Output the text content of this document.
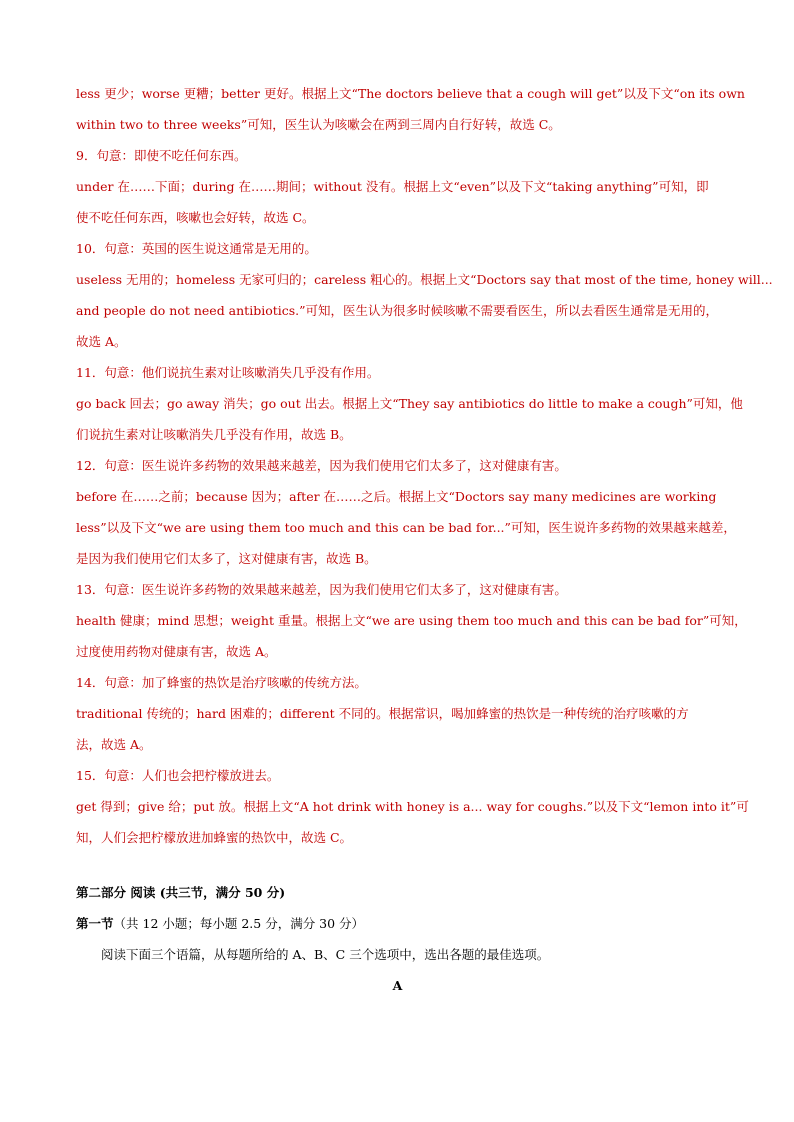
less 更少；worse 更糟；better 更好。根据上文“The doctors believe that a cough will get”以及下文“on its own
within two to three weeks”可知，医生认为咳嗽会在两到三周内自行好转，故选 C。
9．句意：即使不吃任何东西。
under 在……下面；during 在……期间；without 没有。根据上文“even”以及下文“taking anything”可知，即
使不吃任何东西，咳嗽也会好转，故选 C。
10．句意：英国的医生说这通常是无用的。
useless 无用的；homeless 无家可归的；careless 粗心的。根据上文“Doctors say that most of the time, honey will...
and people do not need antibiotics.”可知，医生认为很多时候咳嗽不需要看医生，所以去看医生通常是无用的，
故选 A。
11．句意：他们说抗生素对让咳嗽消失几乎没有作用。
go back 回去；go away 消失；go out 出去。根据上文“They say antibiotics do little to make a cough”可知，他
们说抗生素对让咳嗽消失几乎没有作用，故选 B。
12．句意：医生说许多药物的效果越来越差，因为我们使用它们太多了，这对健康有害。
before 在……之前；because 因为；after 在……之后。根据上文“Doctors say many medicines are working
less”以及下文“we are using them too much and this can be bad for...”可知，医生说许多药物的效果越来越差，
是因为我们使用它们太多了，这对健康有害，故选 B。
13．句意：医生说许多药物的效果越来越差，因为我们使用它们太多了，这对健康有害。
health 健康；mind 思想；weight 重量。根据上文“we are using them too much and this can be bad for”可知，
过度使用药物对健康有害，故选 A。
14．句意：加了蜂蜜的热饮是治疗咳嗽的传统方法。
traditional 传统的；hard 困难的；different 不同的。根据常识，喝加蜂蜜的热饮是一种传统的治疗咳嗽的方
法，故选 A。
15．句意：人们也会把柠檬放进去。
get 得到；give 给；put 放。根据上文“A hot drink with honey is a... way for coughs.”以及下文“lemon into it”可
知，人们会把柠檬放进加蜂蜜的热饮中，故选 C。
第二部分 阅读 (共三节，满分 50 分)
第一节（共 12 小题；每小题 2.5 分，满分 30 分）
阅读下面三个语篇，从每题所给的 A、B、C 三个选项中，选出各题的最佳选项。
A
